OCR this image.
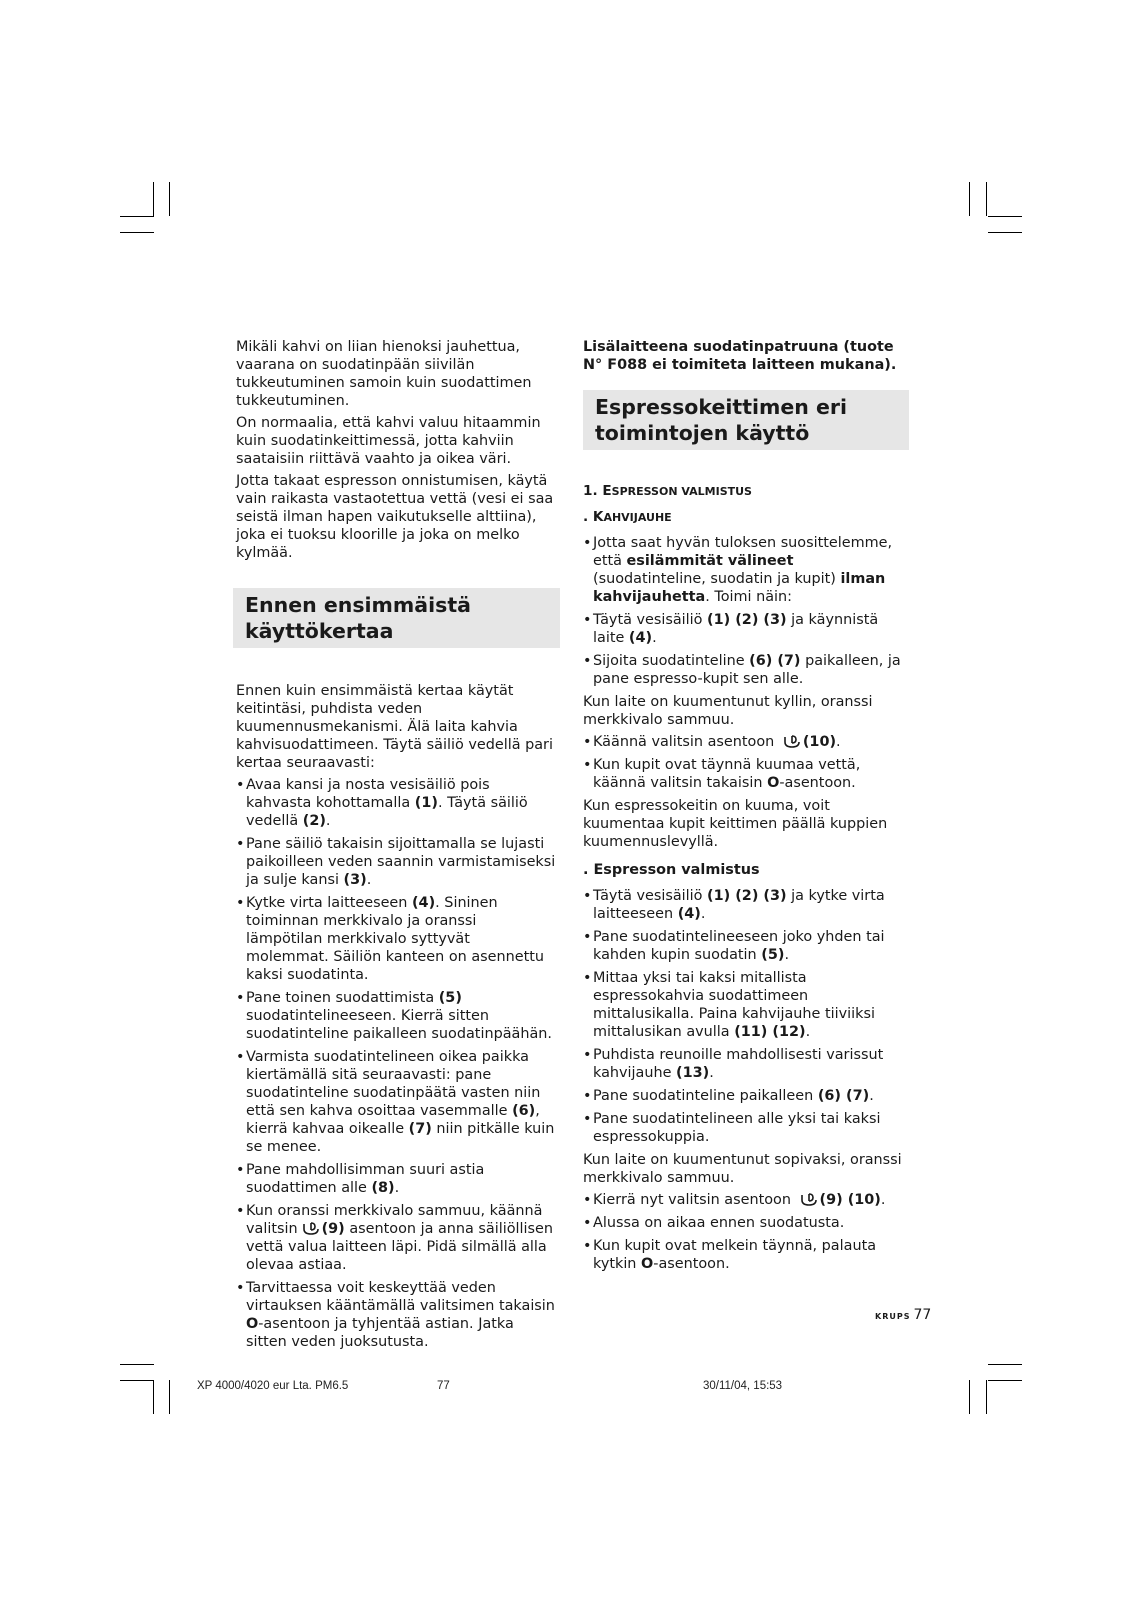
Mikäli kahvi on liian hienoksi jauhettua, vaarana on suodatinpään siivilän tukkeutuminen samoin kuin suodattimen tukkeutuminen.

On normaalia, että kahvi valuu hitaammin kuin suodatinkeittimessä, jotta kahviin saataisiin riittävä vaahto ja oikea väri.

Jotta takaat espresson onnistumisen, käytä vain raikasta vastaotettua vettä (vesi ei saa seistä ilman hapen vaikutukselle alttiina), joka ei tuoksu kloorille ja joka on melko kylmää.

Ennen ensimmäistä
käyttökertaa

Ennen kuin ensimmäistä kertaa käytät keitintäsi, puhdista veden kuumennusmekanismi. Älä laita kahvia kahvisuodattimeen. Täytä säiliö vedellä pari kertaa seuraavasti:

• Avaa kansi ja nosta vesisäiliö pois kahvasta kohottamalla (1). Täytä säiliö vedellä (2).
• Pane säiliö takaisin sijoittamalla se lujasti paikoilleen veden saannin varmistamiseksi ja sulje kansi (3).
• Kytke virta laitteeseen (4). Sininen toiminnan merkkivalo ja oranssi lämpötilan merkkivalo syttyvät molemmat. Säiliön kanteen on asennettu kaksi suodatinta.
• Pane toinen suodattimista (5) suodatintelineeseen. Kierrä sitten suodatinteline paikalleen suodatinpäähän.
• Varmista suodatintelineen oikea paikka kiertämällä sitä seuraavasti: pane suodatinteline suodatinpäätä vasten niin että sen kahva osoittaa vasemmalle (6), kierrä kahvaa oikealle (7) niin pitkälle kuin se menee.
• Pane mahdollisimman suuri astia suodattimen alle (8).
• Kun oranssi merkkivalo sammuu, käännä valitsin (9) asentoon ja anna säiliöllisen vettä valua laitteen läpi. Pidä silmällä alla olevaa astiaa.
• Tarvittaessa voit keskeyttää veden virtauksen kääntämällä valitsimen takaisin O-asentoon ja tyhjentää astian. Jatka sitten veden juoksutusta.

Lisälaitteena suodatinpatruuna (tuote N° F088 ei toimiteta laitteen mukana).

Espressokeittimen eri
toimintojen käyttö
1. ESPRESSON VALMISTUS
. KAHVIJAUHE
• Jotta saat hyvän tuloksen suosittelemme, että esilämmität välineet (suodatinteline, suodatin ja kupit) ilman kahvijauhetta. Toimi näin:
• Täytä vesisäiliö (1) (2) (3) ja käynnistä laite (4).
• Sijoita suodatinteline (6) (7) paikalleen, ja pane espresso-kupit sen alle.

Kun laite on kuumentunut kyllin, oranssi merkkivalo sammuu.

• Käännä valitsin asentoon (10).
• Kun kupit ovat täynnä kuumaa vettä, käännä valitsin takaisin O-asentoon.

Kun espressokeitin on kuuma, voit kuumentaa kupit keittimen päällä kuppien kuumennuslevyllä.

. Espresson valmistus
• Täytä vesisäiliö (1) (2) (3) ja kytke virta laitteeseen (4).
• Pane suodatintelineeseen joko yhden tai kahden kupin suodatin (5).
• Mittaa yksi tai kaksi mitallista espressokahvia suodattimeen mittalusikalla. Paina kahvijauhe tiiviiksi mittalusikan avulla (11) (12).
• Puhdista reunoille mahdollisesti varissut kahvijauhe (13).
• Pane suodatinteline paikalleen (6) (7).
• Pane suodatintelineen alle yksi tai kaksi espressokuppia.

Kun laite on kuumentunut sopivaksi, oranssi merkkivalo sammuu.

• Kierrä nyt valitsin asentoon (9) (10).
• Alussa on aikaa ennen suodatusta.
• Kun kupit ovat melkein täynnä, palauta kytkin O-asentoon.
KRUPS 77
XP 4000/4020 eur Lta. PM6.5	77	30/11/04, 15:53
